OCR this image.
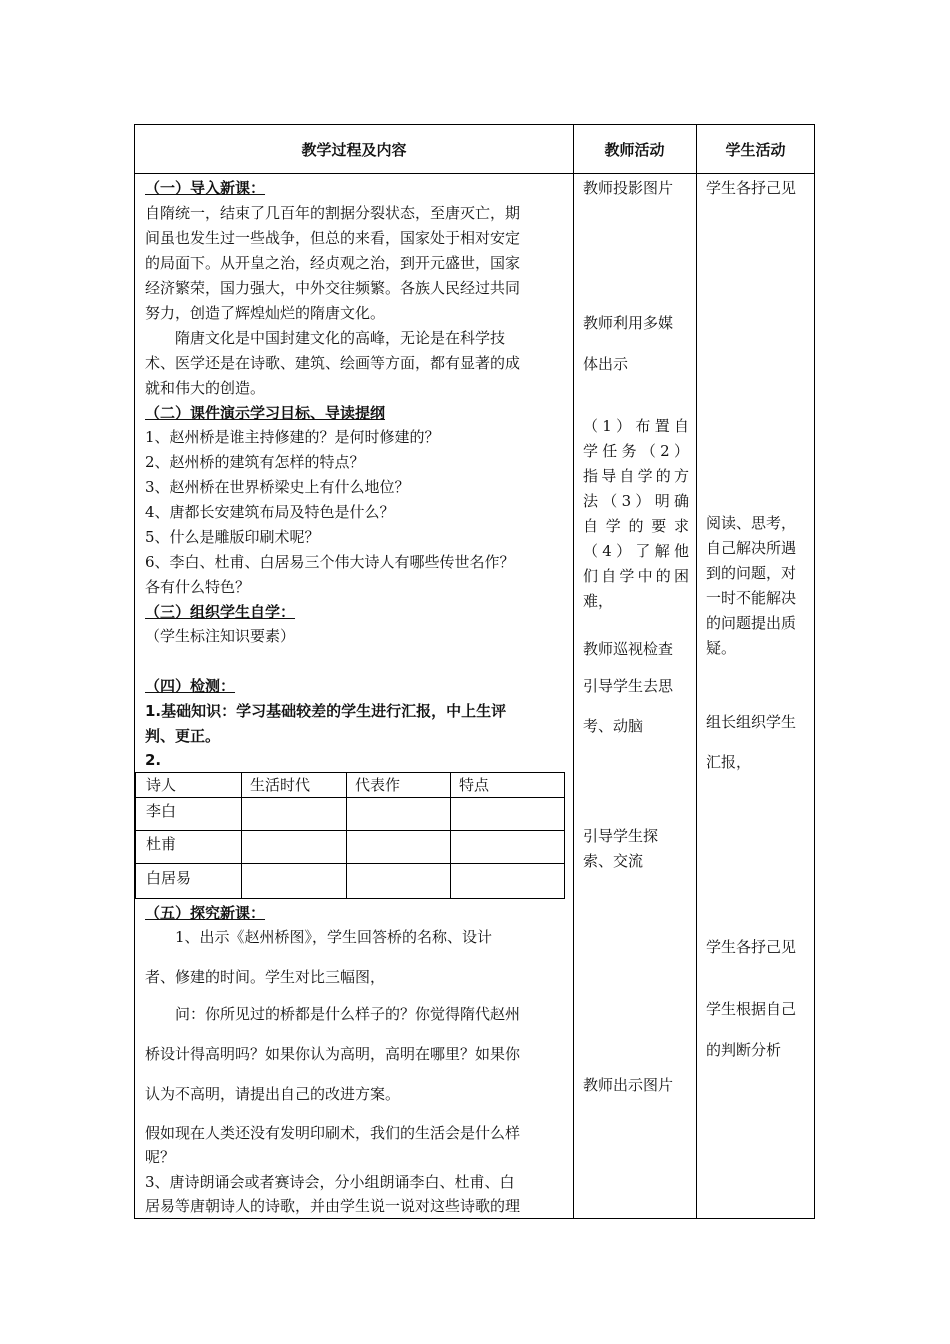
教学过程及内容	教师活动	学生活动
（一）导入新课：
自隋统一，结束了几百年的割据分裂状态，至唐灭亡，期
间虽也发生过一些战争，但总的来看，国家处于相对安定
的局面下。从开皇之治，经贞观之治，到开元盛世，国家
经济繁荣，国力强大，中外交往频繁。各族人民经过共同
努力，创造了辉煌灿烂的隋唐文化。
隋唐文化是中国封建文化的高峰，无论是在科学技
术、医学还是在诗歌、建筑、绘画等方面，都有显著的成
就和伟大的创造。
（二）课件演示学习目标、导读提纲
1、赵州桥是谁主持修建的？是何时修建的？
2、赵州桥的建筑有怎样的特点？
3、赵州桥在世界桥梁史上有什么地位？
4、唐都长安建筑布局及特色是什么？
5、什么是雕版印刷术呢？
6、李白、杜甫、白居易三个伟大诗人有哪些传世名作？
各有什么特色？
（三）组织学生自学：
（学生标注知识要素）
（四）检测：
1.基础知识：学习基础较差的学生进行汇报，中上生评
判、更正。
2.
诗人	生活时代	代表作	特点
李白
杜甫
白居易
（五）探究新课：
1、出示《赵州桥图》，学生回答桥的名称、设计
者、修建的时间。学生对比三幅图，
问：你所见过的桥都是什么样子的？你觉得隋代赵州
桥设计得高明吗？如果你认为高明，高明在哪里？如果你
认为不高明，请提出自己的改进方案。
假如现在人类还没有发明印刷术，我们的生活会是什么样
呢？
3、唐诗朗诵会或者赛诗会，分小组朗诵李白、杜甫、白
居易等唐朝诗人的诗歌，并由学生说一说对这些诗歌的理
教师投影图片
教师利用多媒
体出示
（1）布置自
学任务（2）
指导自学的方
法（3）明确
自学的要求
（4）了解他
们自学中的困
难，
教师巡视检查
引导学生去思
考、动脑
引导学生探
索、交流
教师出示图片
学生各抒己见
阅读、思考，
自己解决所遇
到的问题，对
一时不能解决
的问题提出质
疑。
组长组织学生
汇报，
学生各抒己见
学生根据自己
的判断分析
